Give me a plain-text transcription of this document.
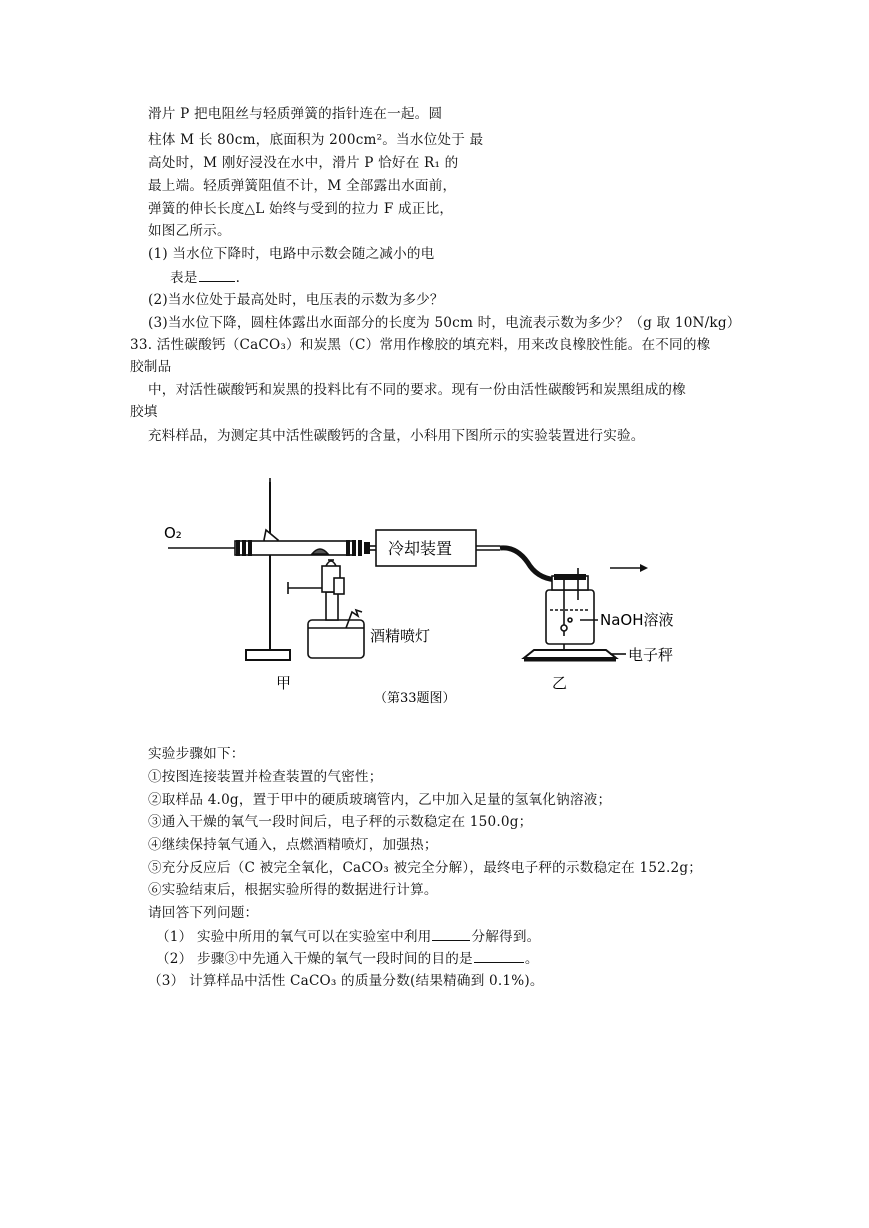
滑片 P 把电阻丝与轻质弹簧的指针连在一起。圆
柱体 M 长 80cm，底面积为 200cm²。当水位处于 最
高处时，M 刚好浸没在水中，滑片 P 恰好在 R₁ 的
最上端。轻质弹簧阻值不计，M 全部露出水面前，
弹簧的伸长长度△L 始终与受到的拉力 F 成正比，
如图乙所示。
(1) 当水位下降时，电路中示数会随之减小的电
表是	.
(2)当水位处于最高处时，电压表的示数为多少？
(3)当水位下降，圆柱体露出水面部分的长度为 50cm 时，电流表示数为多少？（g 取 10N/kg）
33. 活性碳酸钙（CaCO₃）和炭黑（C）常用作橡胶的填充料，用来改良橡胶性能。在不同的橡
胶制品
中，对活性碳酸钙和炭黑的投料比有不同的要求。现有一份由活性碳酸钙和炭黑组成的橡
胶填
充料样品，为测定其中活性碳酸钙的含量，小科用下图所示的实验装置进行实验。
O₂
冷却装置
酒精喷灯
NaOH溶液
电子秤
甲	乙
（第33题图）
实验步骤如下：
①按图连接装置并检查装置的气密性；
②取样品 4.0g，置于甲中的硬质玻璃管内，乙中加入足量的氢氧化钠溶液；
③通入干燥的氧气一段时间后，电子秤的示数稳定在 150.0g；
④继续保持氧气通入，点燃酒精喷灯，加强热；
⑤充分反应后（C 被完全氧化，CaCO₃ 被完全分解），最终电子秤的示数稳定在 152.2g；
⑥实验结束后，根据实验所得的数据进行计算。
请回答下列问题：
（1） 实验中所用的氧气可以在实验室中利用	分解得到。
（2） 步骤③中先通入干燥的氧气一段时间的目的是	。
（3） 计算样品中活性 CaCO₃ 的质量分数(结果精确到 0.1%)。
